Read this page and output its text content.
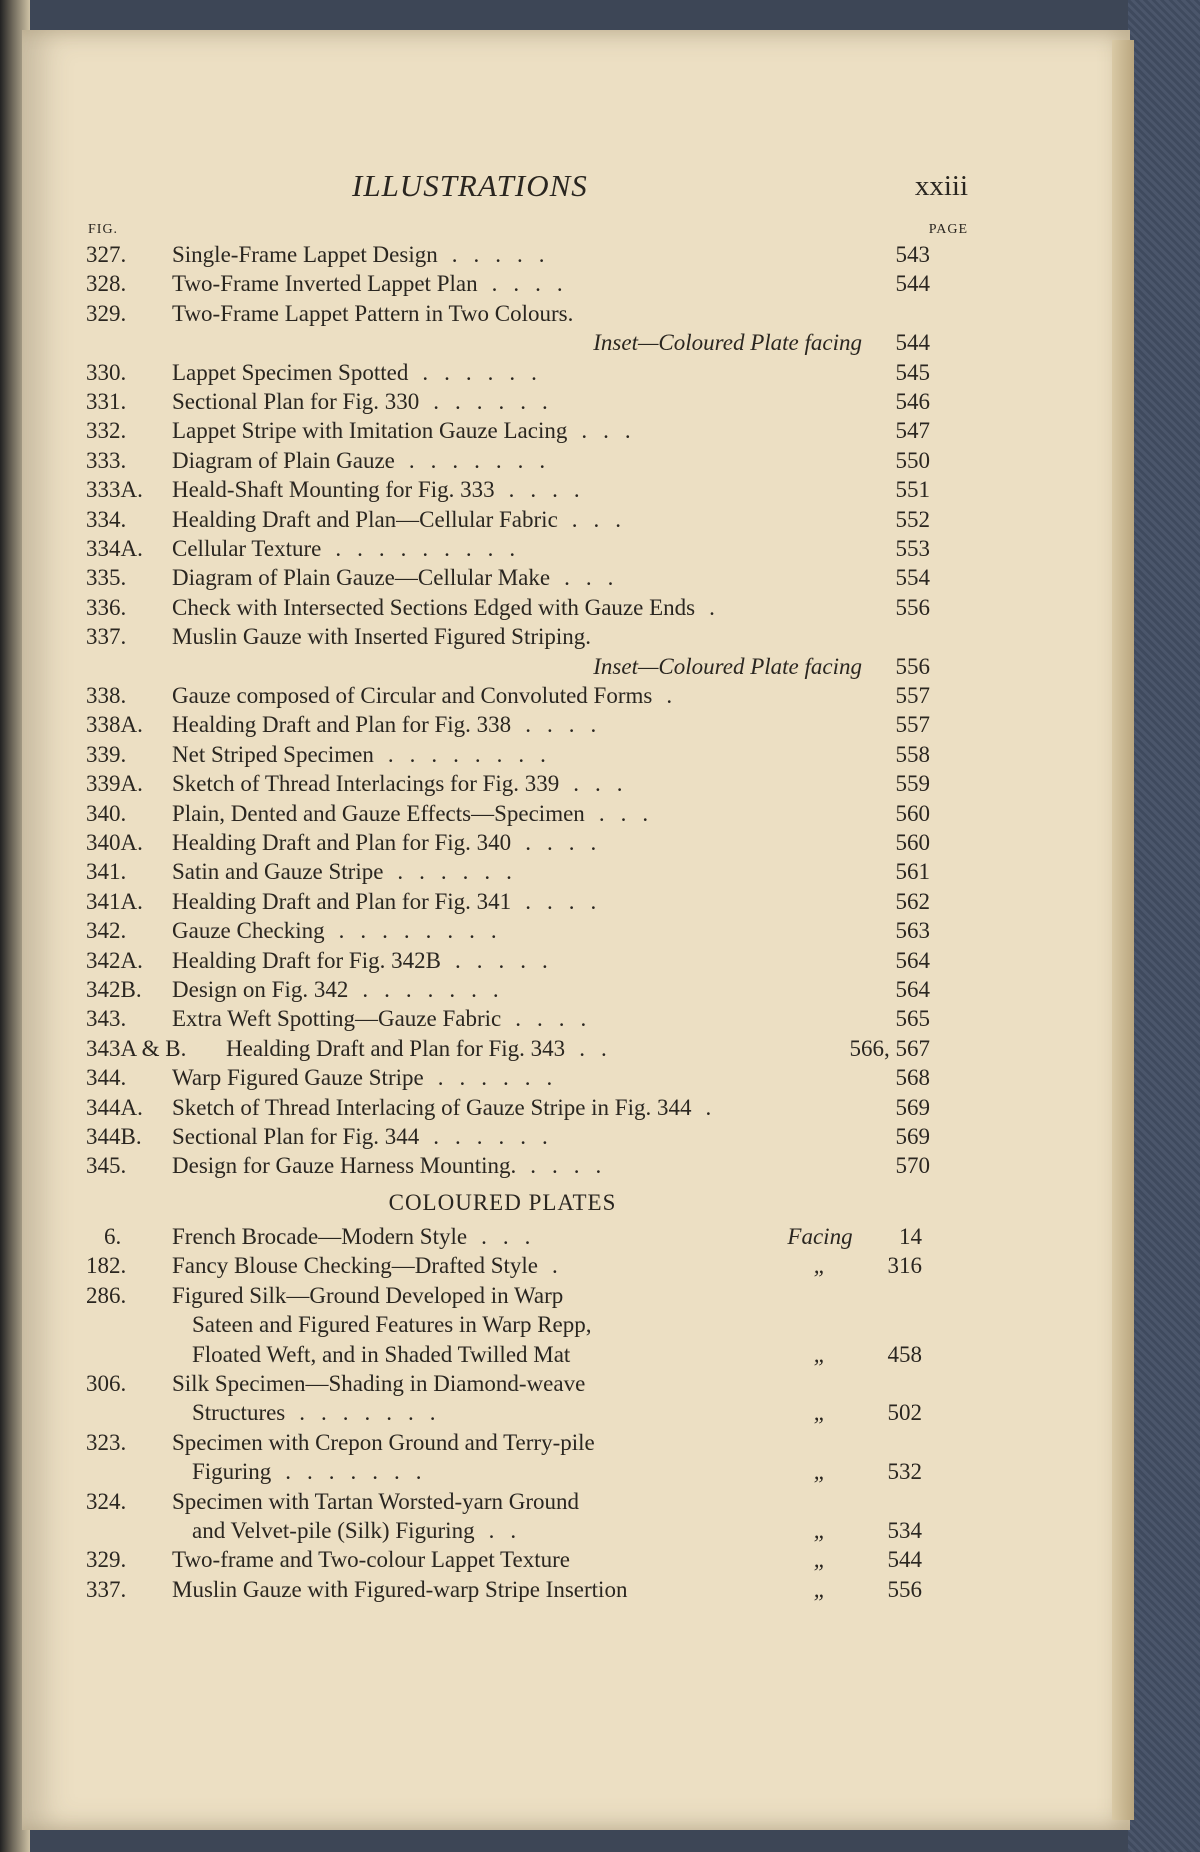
ILLUSTRATIONS	xxiii
FIG.	PAGE
327. Single-Frame Lappet Design .....	543
328. Two-Frame Inverted Lappet Plan ....	544
329. Two-Frame Lappet Pattern in Two Colours.
Inset—Coloured Plate facing 544
330. Lappet Specimen Spotted ......	545
331. Sectional Plan for Fig. 330 ......	546
332. Lappet Stripe with Imitation Gauze Lacing ...	547
333. Diagram of Plain Gauze .......	550
333A. Heald-Shaft Mounting for Fig. 333 ....	551
334. Healding Draft and Plan—Cellular Fabric ...	552
334A. Cellular Texture .........	553
335. Diagram of Plain Gauze—Cellular Make ...	554
336. Check with Intersected Sections Edged with Gauze Ends .	556
337. Muslin Gauze with Inserted Figured Striping.
Inset—Coloured Plate facing 556
338. Gauze composed of Circular and Convoluted Forms .	557
338A. Healding Draft and Plan for Fig. 338 ....	557
339. Net Striped Specimen ........	558
339A. Sketch of Thread Interlacings for Fig. 339 ...	559
340. Plain, Dented and Gauze Effects—Specimen ...	560
340A. Healding Draft and Plan for Fig. 340 ....	560
341. Satin and Gauze Stripe ......	561
341A. Healding Draft and Plan for Fig. 341 ....	562
342. Gauze Checking ........	563
342A. Healding Draft for Fig. 342B .....	564
342B. Design on Fig. 342 .......	564
343. Extra Weft Spotting—Gauze Fabric ....	565
343A & B. Healding Draft and Plan for Fig. 343 ..	566, 567
344. Warp Figured Gauze Stripe ......	568
344A. Sketch of Thread Interlacing of Gauze Stripe in Fig. 344 .	569
344B. Sectional Plan for Fig. 344 ......	569
345. Design for Gauze Harness Mounting. ....	570
COLOURED PLATES
6. French Brocade—Modern Style ...	Facing	14
182. Fancy Blouse Checking—Drafted Style .	„	316
286. Figured Silk—Ground Developed in Warp
Sateen and Figured Features in Warp Repp,
Floated Weft, and in Shaded Twilled Mat	„	458
306. Silk Specimen—Shading in Diamond-weave
Structures .......	„	502
323. Specimen with Crepon Ground and Terry-pile
Figuring .......	„	532
324. Specimen with Tartan Worsted-yarn Ground
and Velvet-pile (Silk) Figuring ..	„	534
329. Two-frame and Two-colour Lappet Texture	„	544
337. Muslin Gauze with Figured-warp Stripe Insertion	„	556
